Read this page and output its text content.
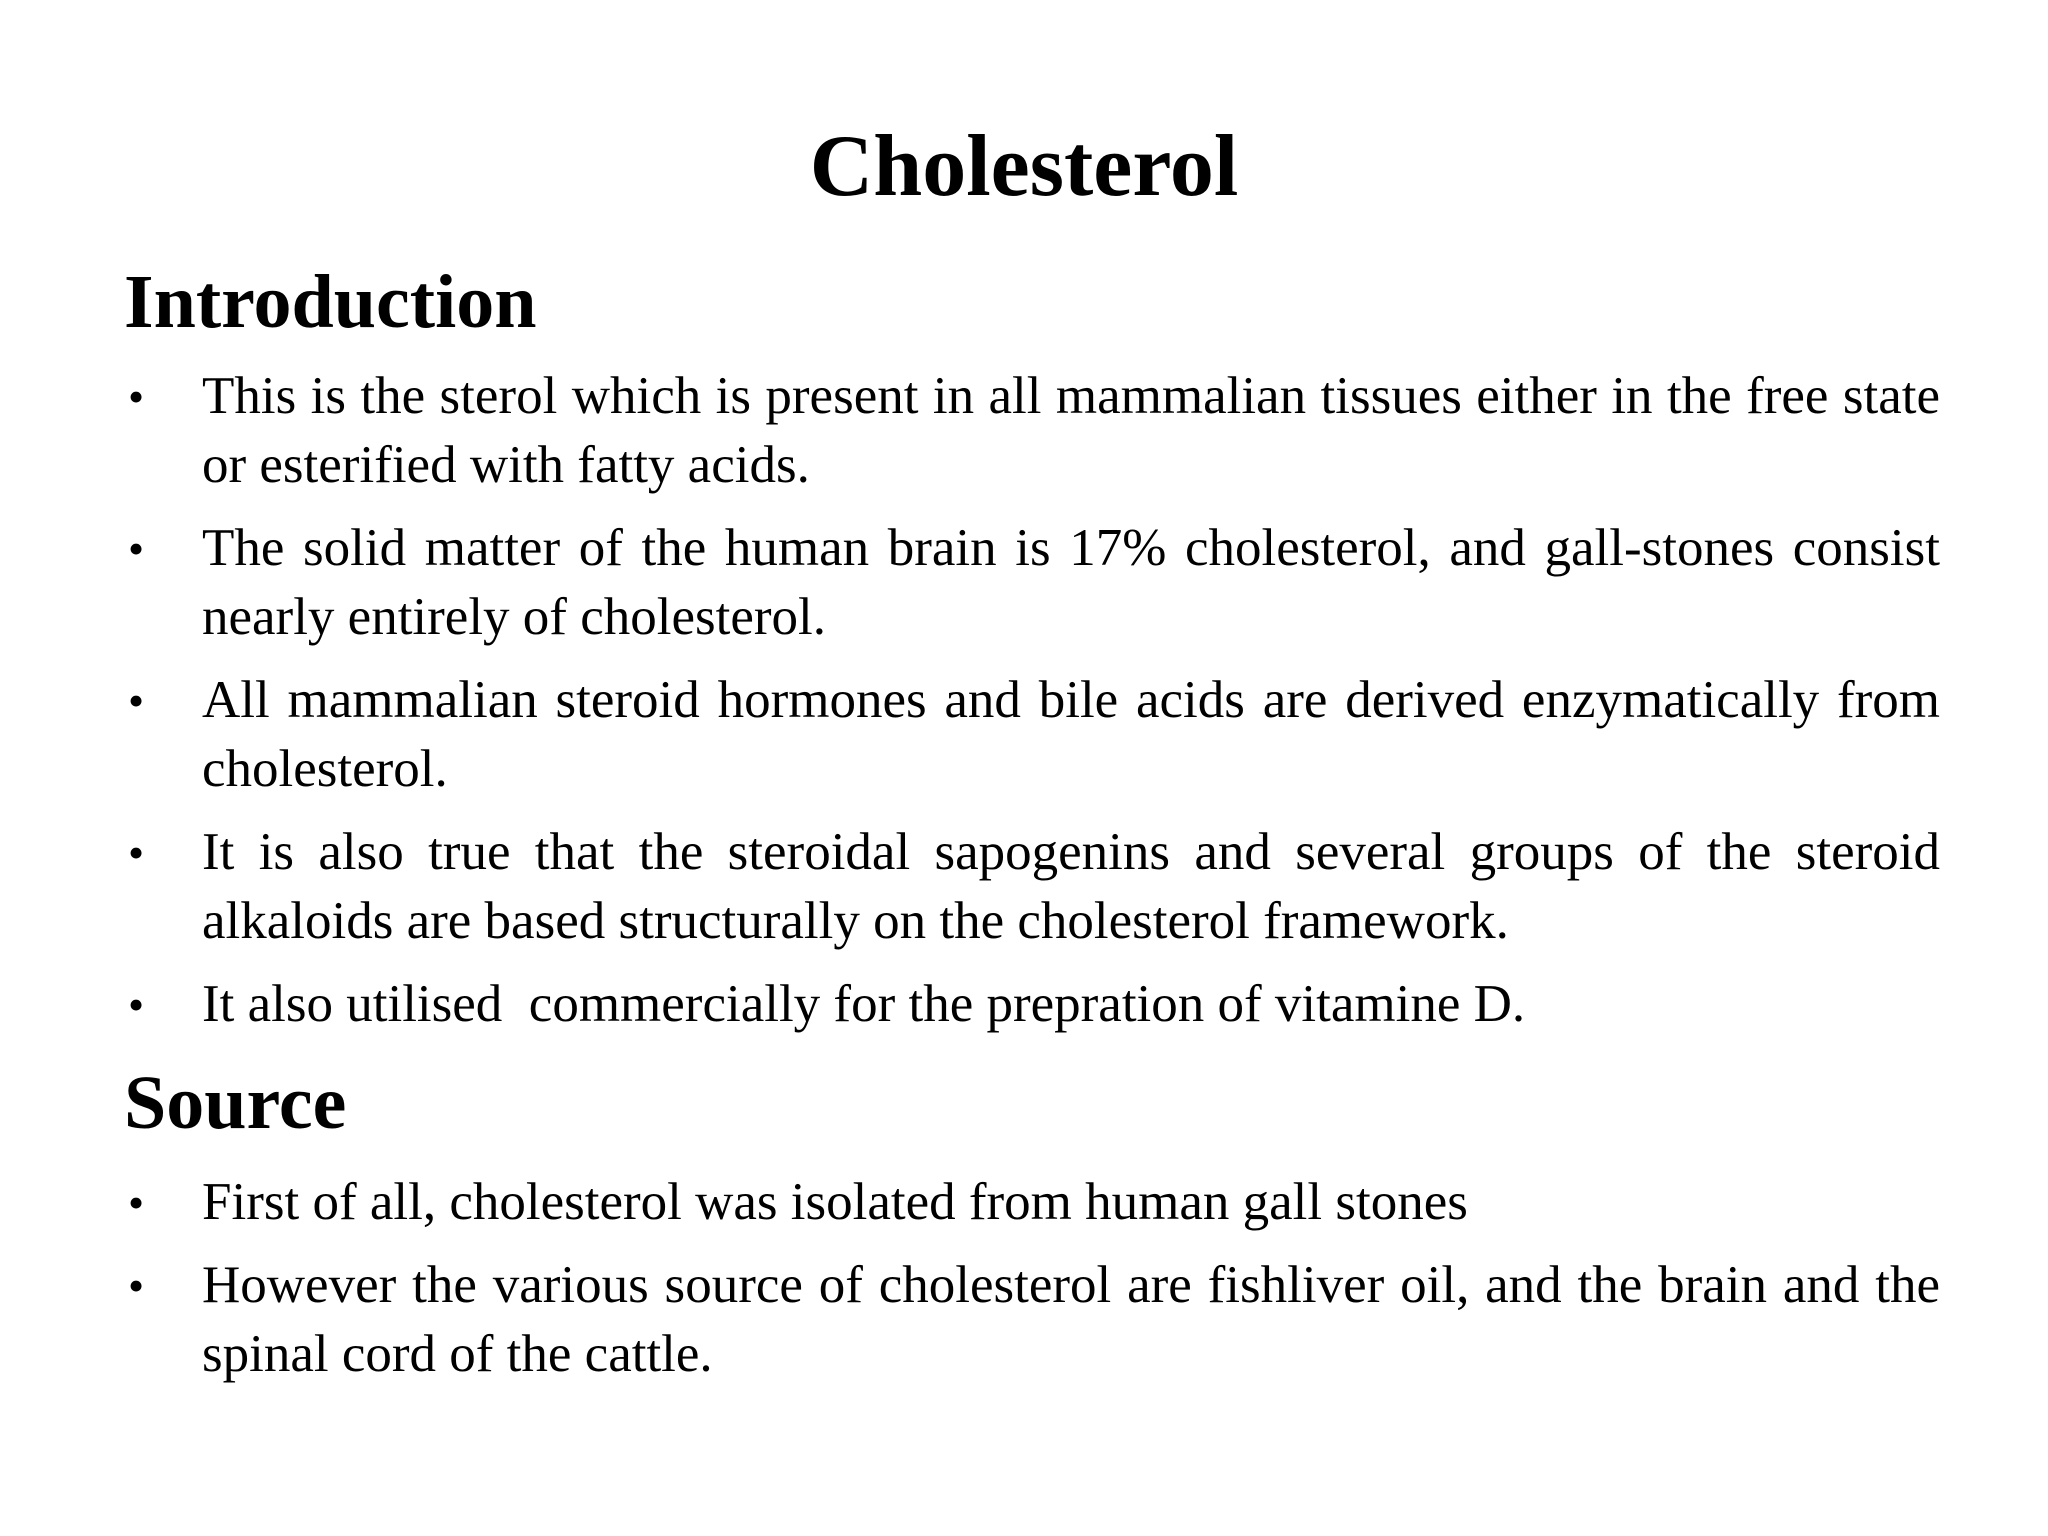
Cholesterol
Introduction
• This is the sterol which is present in all mammalian tissues either in the free state or esterified with fatty acids.
• The solid matter of the human brain is 17% cholesterol, and gall-stones consist nearly entirely of cholesterol.
• All mammalian steroid hormones and bile acids are derived enzymatically from cholesterol.
• It is also true that the steroidal sapogenins and several groups of the steroid alkaloids are based structurally on the cholesterol framework.
• It also utilised  commercially for the prepration of vitamine D.
Source
• First of all, cholesterol was isolated from human gall stones
• However the various source of cholesterol are fishliver oil, and the brain and the spinal cord of the cattle.
